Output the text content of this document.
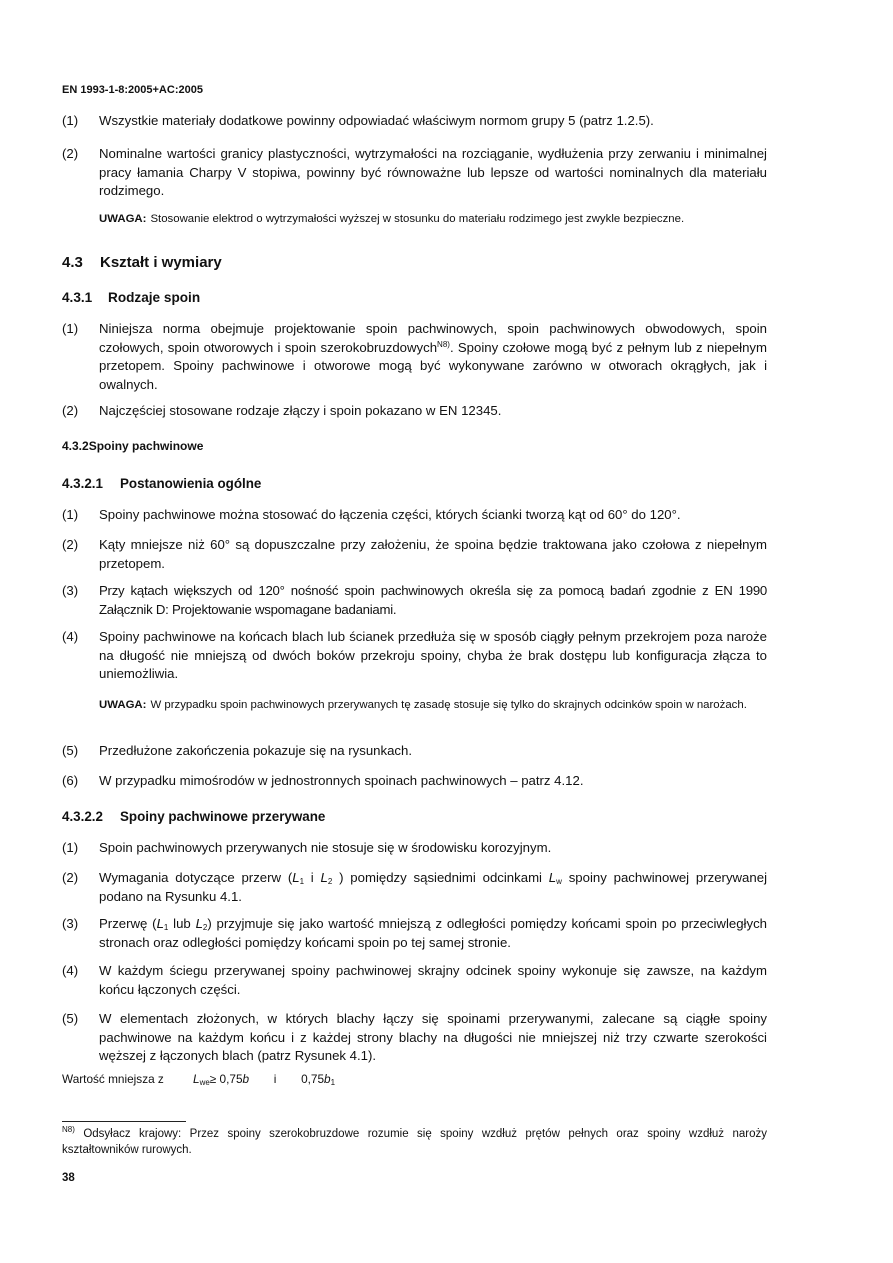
EN 1993-1-8:2005+AC:2005
(1) Wszystkie materiały dodatkowe powinny odpowiadać właściwym normom grupy 5 (patrz 1.2.5).
(2) Nominalne wartości granicy plastyczności, wytrzymałości na rozciąganie, wydłużenia przy zerwaniu i minimalnej pracy łamania Charpy V stopiwa, powinny być równoważne lub lepsze od wartości nominalnych dla materiału rodzimego.
UWAGA: Stosowanie elektrod o wytrzymałości wyższej w stosunku do materiału rodzimego jest zwykle bezpieczne.
4.3 Kształt i wymiary
4.3.1 Rodzaje spoin
(1) Niniejsza norma obejmuje projektowanie spoin pachwinowych, spoin pachwinowych obwodowych, spoin czołowych, spoin otworowych i spoin szerokobruzdowych$^{N8)}$. Spoiny czołowe mogą być z pełnym lub z niepełnym przetopem. Spoiny pachwinowe i otworowe mogą być wykonywane zarówno w otworach okrągłych, jak i owalnych.
(2) Najczęściej stosowane rodzaje złączy i spoin pokazano w EN 12345.
4.3.2Spoiny pachwinowe
4.3.2.1 Postanowienia ogólne
(1) Spoiny pachwinowe można stosować do łączenia części, których ścianki tworzą kąt od 60° do 120°.
(2) Kąty mniejsze niż 60° są dopuszczalne przy założeniu, że spoina będzie traktowana jako czołowa z niepełnym przetopem.
(3) Przy kątach większych od 120° nośność spoin pachwinowych określa się za pomocą badań zgodnie z EN 1990 Załącznik D: Projektowanie wspomagane badaniami.
(4) Spoiny pachwinowe na końcach blach lub ścianek przedłuża się w sposób ciągły pełnym przekrojem poza naroże na długość nie mniejszą od dwóch boków przekroju spoiny, chyba że brak dostępu lub konfiguracja złącza to uniemożliwia.
UWAGA: W przypadku spoin pachwinowych przerywanych tę zasadę stosuje się tylko do skrajnych odcinków spoin w narożach.
(5) Przedłużone zakończenia pokazuje się na rysunkach.
(6) W przypadku mimośrodów w jednostronnych spoinach pachwinowych – patrz 4.12.
4.3.2.2 Spoiny pachwinowe przerywane
(1) Spoin pachwinowych przerywanych nie stosuje się w środowisku korozyjnym.
(2) Wymagania dotyczące przerw ($L_1$ i $L_2$ ) pomiędzy sąsiednimi odcinkami $L_w$ spoiny pachwinowej przerywanej podano na Rysunku 4.1.
(3) Przerwę ($L_1$ lub $L_2$) przyjmuje się jako wartość mniejszą z odległości pomiędzy końcami spoin po przeciwległych stronach oraz odległości pomiędzy końcami spoin po tej samej stronie.
(4) W każdym ściegu przerywanej spoiny pachwinowej skrajny odcinek spoiny wykonuje się zawsze, na każdym końcu łączonych części.
(5) W elementach złożonych, w których blachy łączy się spoinami przerywanymi, zalecane są ciągłe spoiny pachwinowe na każdym końcu i z każdej strony blachy na długości nie mniejszej niż trzy czwarte szerokości węższej z łączonych blach (patrz Rysunek 4.1).
Wartość mniejsza z $L_{we}\ge 0,75b$ i $0,75b_1$
$^{N8)}$ Odsyłacz krajowy: Przez spoiny szerokobruzdowe rozumie się spoiny wzdłuż prętów pełnych oraz spoiny wzdłuż naroży kształtowników rurowych.
38
